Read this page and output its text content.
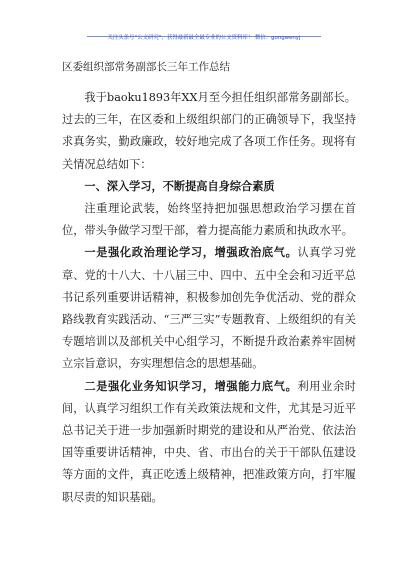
关注头条号“公文研究”，获得最新最全最专业的公文资料库！ 微信：gongwenyj
区委组织部常务副部长三年工作总结

我于baoku1893年XX月至今担任组织部常务副部长。过去的三年，在区委和上级组织部门的正确领导下，我坚持求真务实，勤政廉政，较好地完成了各项工作任务。现将有关情况总结如下：

一、深入学习，不断提高自身综合素质

注重理论武装，始终坚持把加强思想政治学习摆在首位，带头争做学习型干部，着力提高能力素质和执政水平。

一是强化政治理论学习，增强政治底气。认真学习党章、党的十八大、十八届三中、四中、五中全会和习近平总书记系列重要讲话精神，积极参加创先争优活动、党的群众路线教育实践活动、“三严三实”专题教育、上级组织的有关专题培训以及部机关中心组学习，不断提升政治素养牢固树立宗旨意识，夯实理想信念的思想基础。

二是强化业务知识学习，增强能力底气。利用业余时间，认真学习组织工作有关政策法规和文件，尤其是习近平总书记关于进一步加强新时期党的建设和从严治党、依法治国等重要讲话精神，中央、省、市出台的关于干部队伍建设等方面的文件，真正吃透上级精神，把准政策方向，打牢履职尽责的知识基础。
